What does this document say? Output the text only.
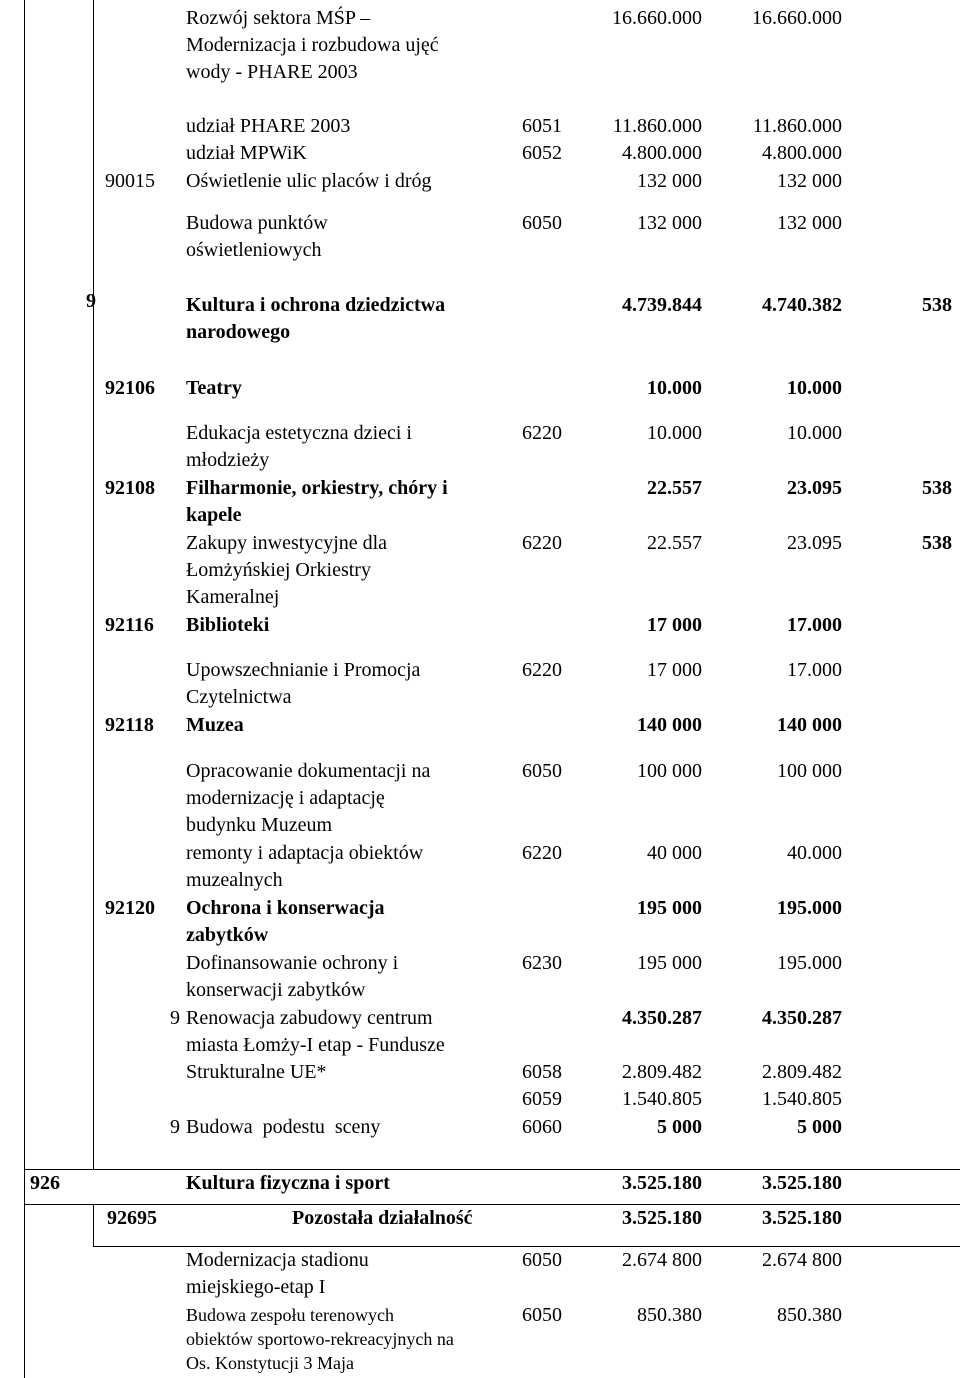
Rozwój sektora MŚP –
Modernizacja i rozbudowa ujęć
wody - PHARE 2003
16.660.000	16.660.000
udział PHARE 2003	6051	11.860.000	11.860.000
udział MPWiK	6052	4.800.000	4.800.000
90015 Oświetlenie ulic placów i dróg	132 000	132 000
Budowa punktów
oświetleniowych
6050	132 000	132 000
9	Kultura i ochrona dziedzictwa
narodowego
4.739.844	4.740.382	538
92106 Teatry	10.000	10.000
Edukacja estetyczna dzieci i
młodzieży
6220	10.000	10.000
92108 Filharmonie, orkiestry, chóry i
kapele
22.557	23.095	538
Zakupy inwestycyjne dla
Łomżyńskiej Orkiestry
Kameralnej
6220	22.557	23.095	538
92116 Biblioteki	17 000	17.000
Upowszechnianie i Promocja
Czytelnictwa
6220	17 000	17.000
92118 Muzea	140 000	140 000
Opracowanie dokumentacji na
modernizację i adaptację
budynku Muzeum
6050	100 000	100 000
remonty i adaptacja obiektów
muzealnych
6220	40 000	40.000
92120 Ochrona i konserwacja
zabytków
195 000	195.000
Dofinansowanie ochrony i
konserwacji zabytków
6230	195 000	195.000
9 Renowacja zabudowy centrum
miasta Łomży-I etap - Fundusze
Strukturalne UE*
4.350.287	4.350.287
6058	2.809.482	2.809.482
6059	1.540.805	1.540.805
9 Budowa  podestu  sceny	6060	5 000	5 000
926	Kultura fizyczna i sport	3.525.180	3.525.180
92695	Pozostała działalność	3.525.180	3.525.180
Modernizacja stadionu
miejskiego-etap I
6050	2.674 800	2.674 800
Budowa zespołu terenowych
obiektów sportowo-rekreacyjnych na
Os. Konstytucji 3 Maja
6050	850.380	850.380
